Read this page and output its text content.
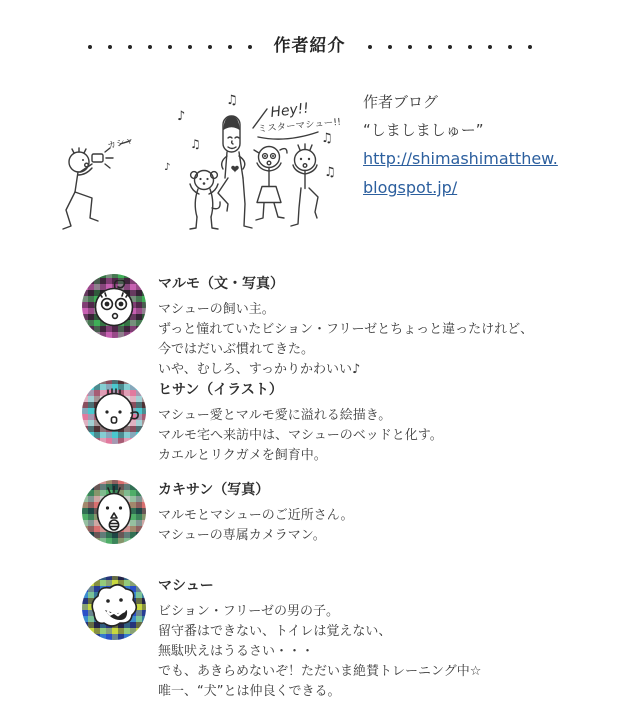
作者紹介
♪
♫
♫
♪
♫
♫
Hey!!
ミスターマシュー!!
カシャ
作者ブログ
“しましましゅー”
http://shimashimatthew.
blogspot.jp/
マルモ（文・写真）
マシューの飼い主。
ずっと憧れていたビション・フリーゼとちょっと違ったけれど、
今ではだいぶ慣れてきた。
いや、むしろ、すっかりかわいい♪
ヒサン（イラスト）
マシュー愛とマルモ愛に溢れる絵描き。
マルモ宅へ来訪中は、マシューのベッドと化す。
カエルとリクガメを飼育中。
カキサン（写真）
マルモとマシューのご近所さん。
マシューの専属カメラマン。
マシュー
ビション・フリーゼの男の子。
留守番はできない、トイレは覚えない、
無駄吠えはうるさい・・・
でも、あきらめないぞ！ただいま絶賛トレーニング中☆
唯一、“犬”とは仲良くできる。
